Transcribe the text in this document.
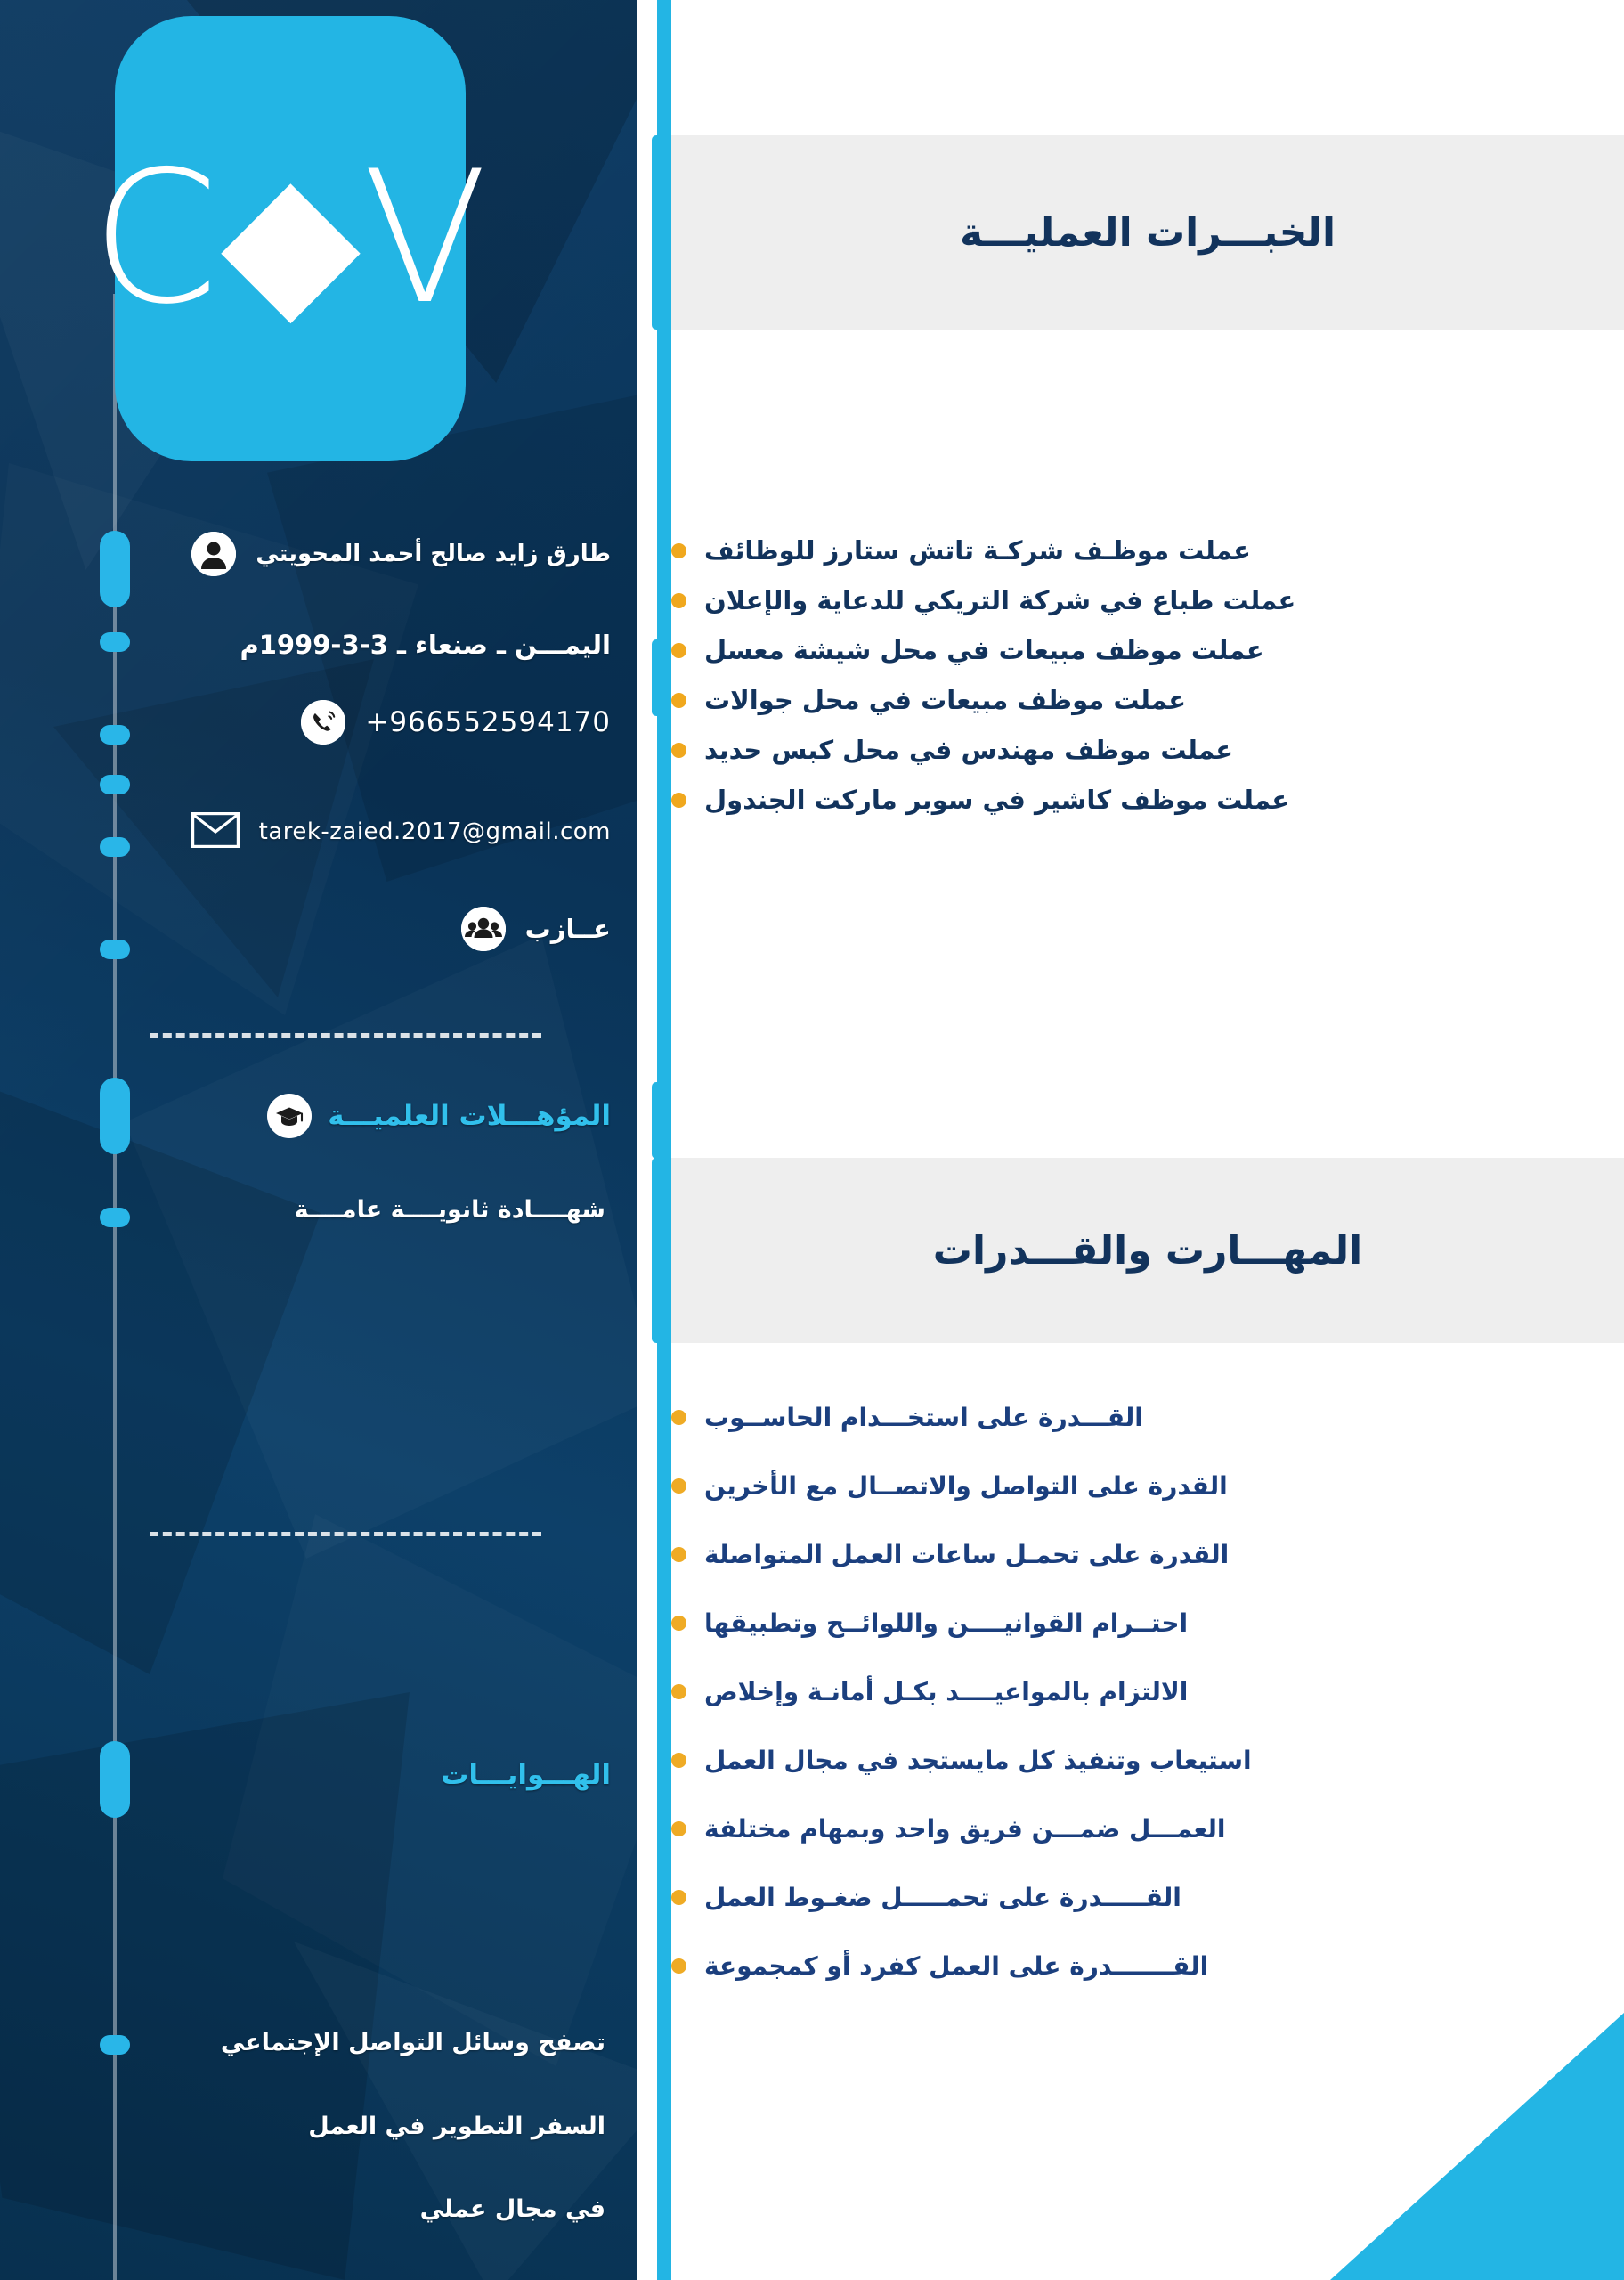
C◆V
طارق زايد صالح أحمد المحويتي
اليمـــن ـ صنعاء ـ 3-3-1999م
+966552594170
tarek-zaied.2017@gmail.com
عــازب
المؤهـــلات العلميـــة
شهــــادة ثانويــــة عامــــة
الهـــوايـــات
تصفح وسائل التواصل الإجتماعي
السفر التطوير في العمل
في مجال عملي
الخبـــرات العمليـــة
عملت موظـف شركـة تاتش ستارز للوظائف
عملت طباع في شركة التريكي للدعاية والإعلان
عملت موظف مبيعات في محل شيشة معسل
عملت موظف مبيعات في محل جوالات
عملت موظف مهندس في محل كبس حديد
عملت موظف كاشير في سوبر ماركت الجندول
المهـــارت والقـــدرات
القـــدرة على استخـــدام الحاســوب
القدرة على التواصل والاتصــال مع الأخرين
القدرة على تحمـل ساعات العمل المتواصلة
احتــرام القوانيــــن واللوائــح وتطبيقها
الالتزام بالمواعيــــد بكـل أمانـة وإخلاص
استيعاب وتنفيذ كل مايستجد في مجال العمل
العمـــل ضمـــن فريق واحد وبمهام مختلفة
القـــــدرة على تحمـــــل ضغـوط العمل
القـــــــدرة على العمل كفرد أو كمجموعة
